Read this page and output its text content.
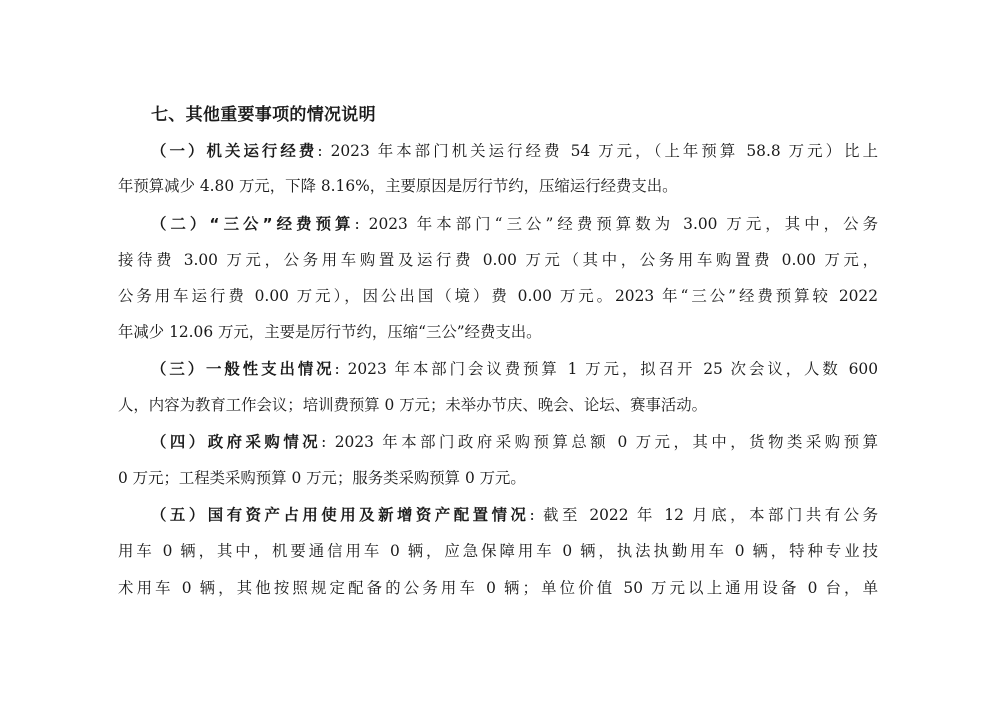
七、其他重要事项的情况说明
（一）机关运行经费: 2023 年本部门机关运行经费 54 万元，（上年预算 58.8 万元）比上
年预算减少 4.80 万元，下降 8.16%，主要原因是厉行节约，压缩运行经费支出。
（二）“三公”经费预算: 2023 年本部门“三公”经费预算数为 3.00 万元，其中，公务
接待费 3.00 万元，公务用车购置及运行费 0.00 万元（其中，公务用车购置费 0.00 万元，
公务用车运行费 0.00 万元），因公出国（境）费 0.00 万元。2023 年“三公”经费预算较 2022
年减少 12.06 万元，主要是厉行节约，压缩“三公”经费支出。
（三）一般性支出情况: 2023 年本部门会议费预算 1 万元，拟召开 25 次会议，人数 600
人，内容为教育工作会议；培训费预算 0 万元；未举办节庆、晚会、论坛、赛事活动。
（四）政府采购情况: 2023 年本部门政府采购预算总额 0 万元，其中，货物类采购预算
0 万元；工程类采购预算 0 万元；服务类采购预算 0 万元。
（五）国有资产占用使用及新增资产配置情况: 截至 2022 年 12 月底，本部门共有公务
用车 0 辆，其中，机要通信用车 0 辆，应急保障用车 0 辆，执法执勤用车 0 辆，特种专业技
术用车 0 辆，其他按照规定配备的公务用车 0 辆；单位价值 50 万元以上通用设备 0 台，单
